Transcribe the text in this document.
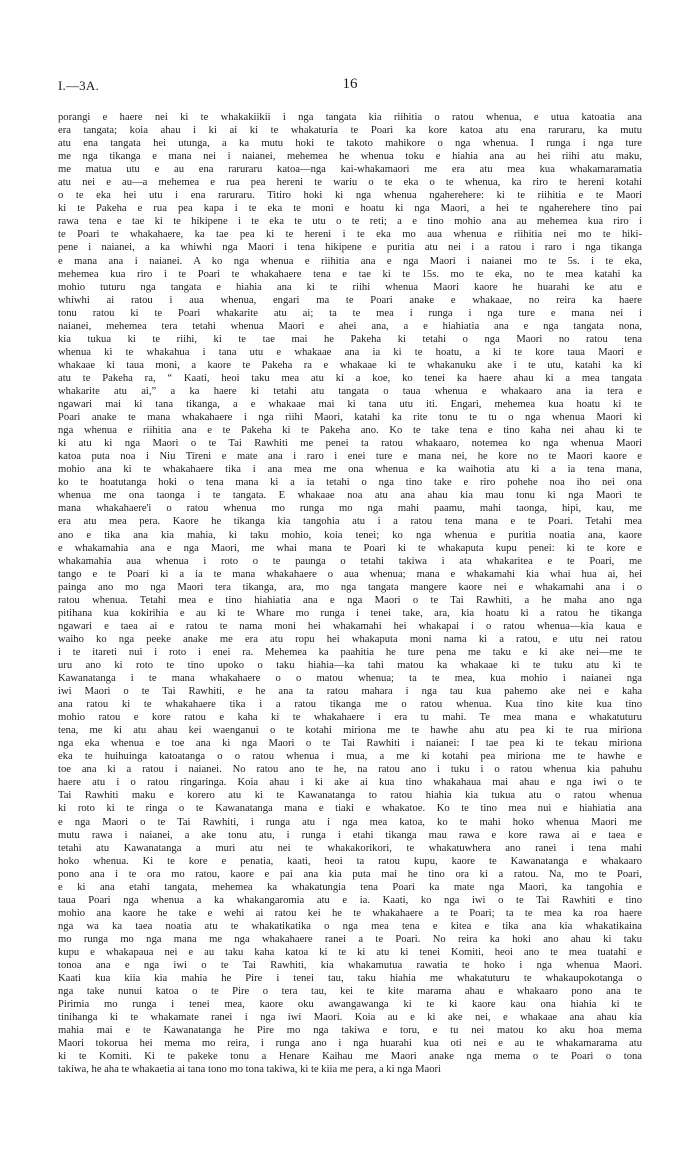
I.—3A.	16
porangi e haere nei ki te whakakiikii i nga tangata kia riihitia o ratou whenua, e utua katoatia ana
era tangata; koia ahau i ki ai ki te whakaturia te Poari ka kore katoa atu ena raruraru, ka mutu
atu ena tangata hei utunga, a ka mutu hoki te takoto mahikore o nga whenua. I runga i nga ture
me nga tikanga e mana nei i naianei, mehemea he whenua toku e hiahia ana au hei riihi atu maku,
me matua utu e au ena raruraru katoa—nga kai-whakamaori me era atu mea kua whakamaramatia
atu nei e au—a mehemea e rua pea hereni te wariu o te eka o te whenua, ka riro te hereni kotahi
o te eka hei utu i ena raruraru. Titiro hoki ki nga whenua ngaherehere: ki te riihitia e te Maori
ki te Pakeha e rua pea kapa i te eka te moni e hoatu ki nga Maori, a hei te ngaherehere tino pai
rawa tena e tae ki te hikipene i te eka te utu o te reti; a e tino mohio ana au mehemea kua riro i
te Poari te whakahaere, ka tae pea ki te hereni i te eka mo aua whenua e riihitia nei mo te hiki-
pene i naianei, a ka whiwhi nga Maori i tena hikipene e puritia atu nei i a ratou i raro i nga tikanga
e mana ana i naianei. A ko nga whenua e riihitia ana e nga Maori i naianei mo te 5s. i te eka,
mehemea kua riro i te Poari te whakahaere tena e tae ki te 15s. mo te eka, no te mea katahi ka
mohio tuturu nga tangata e hiahia ana ki te riihi whenua Maori kaore he huarahi ke atu e
whiwhi ai ratou i aua whenua, engari ma te Poari anake e whakaae, no reira ka haere
tonu ratou ki te Poari whakarite atu ai; ta te mea i runga i nga ture e mana nei i
naianei, mehemea tera tetahi whenua Maori e ahei ana, a e hiahiatia ana e nga tangata nona,
kia tukua ki te riihi, ki te tae mai he Pakeha ki tetahi o nga Maori no ratou tena
whenua ki te whakahua i tana utu e whakaae ana ia ki te hoatu, a ki te kore taua Maori e
whakaae ki taua moni, a kaore te Pakeha ra e whakaae ki te whakanuku ake i te utu, katahi ka ki
atu te Pakeha ra, “ Kaati, heoi taku mea atu ki a koe, ko tenei ka haere ahau ki a mea tangata
whakarite atu ai,” a ka haere ki tetahi atu tangata o taua whenua e whakaaro ana ia tera e
ngawari mai ki tana tikanga, a e whakaae mai ki tana utu iti. Engari, mehemea kua hoatu ki te
Poari anake te mana whakahaere i nga riihi Maori, katahi ka rite tonu te tu o nga whenua Maori ki
nga whenua e riihitia ana e te Pakeha ki te Pakeha ano. Ko te take tena e tino kaha nei ahau ki te
ki atu ki nga Maori o te Tai Rawhiti me penei ta ratou whakaaro, notemea ko nga whenua Maori
katoa puta noa i Niu Tireni e mate ana i raro i enei ture e mana nei, he kore no te Maori kaore e
mohio ana ki te whakahaere tika i ana mea me ona whenua e ka waihotia atu ki a ia tena mana,
ko te hoatutanga hoki o tena mana ki a ia tetahi o nga tino take e riro pohehe noa iho nei ona
whenua me ona taonga i te tangata. E whakaae noa atu ana ahau kia mau tonu ki nga Maori te
mana whakahaere'i o ratou whenua mo runga mo nga mahi paamu, mahi taonga, hipi, kau, me
era atu mea pera. Kaore he tikanga kia tangohia atu i a ratou tena mana e te Poari. Tetahi mea
ano e tika ana kia mahia, ki taku mohio, koia tenei; ko nga whenua e puritia noatia ana, kaore
e whakamahia ana e nga Maori, me whai mana te Poari ki te whakaputa kupu penei: ki te kore e
whakamahia aua whenua i roto o te paunga o tetahi takiwa i ata whakaritea e te Poari, me
tango e te Poari ki a ia te mana whakahaere o aua whenua; mana e whakamahi kia whai hua ai, hei
painga ano mo nga Maori tera tikanga, ara, mo nga tangata mangere kaore nei e whakamahi ana i o
ratou whenua. Tetahi mea e tino hiahiatia ana e nga Maori o te Tai Rawhiti, a he maha ano nga
pitihana kua kokirihia e au ki te Whare mo runga i tenei take, ara, kia hoatu ki a ratou he tikanga
ngawari e taea ai e ratou te nama moni hei whakamahi hei whakapai i o ratou whenua—kia kaua e
waiho ko nga peeke anake me era atu ropu hei whakaputa moni nama ki a ratou, e utu nei ratou
i te itareti nui i roto i enei ra. Mehemea ka paahitia he ture pena me taku e ki ake nei—me te
uru ano ki roto te tino upoko o taku hiahia—ka tahi matou ka whakaae ki te tuku atu ki te
Kawanatanga i te mana whakahaere o o matou whenua; ta te mea, kua mohio i naianei nga
iwi Maori o te Tai Rawhiti, e he ana ta ratou mahara i nga tau kua pahemo ake nei e kaha
ana ratou ki te whakahaere tika i a ratou tikanga me o ratou whenua. Kua tino kite kua tino
mohio ratou e kore ratou e kaha ki te whakahaere i era tu mahi. Te mea mana e whakatuturu
tena, me ki atu ahau kei waenganui o te kotahi miriona me te hawhe ahu atu pea ki te rua miriona
nga eka whenua e toe ana ki nga Maori o te Tai Rawhiti i naianei: I tae pea ki te tekau miriona
eka te huihuinga katoatanga o o ratou whenua i mua, a me ki kotahi pea miriona me te hawhe e
toe ana ki a ratou i naianei. No ratou ano te he, na ratou ano i tuku i o ratou whenua kia pahuhu
haere atu i o ratou ringaringa. Koia ahau i ki ake ai kua tino whakahaua mai ahau e nga iwi o te
Tai Rawhiti maku e korero atu ki te Kawanatanga to ratou hiahia kia tukua atu o ratou whenua
ki roto ki te ringa o te Kawanatanga mana e tiaki e whakatoe. Ko te tino mea nui e hiahiatia ana
e nga Maori o te Tai Rawhiti, i runga atu i nga mea katoa, ko te mahi hoko whenua Maori me
mutu rawa i naianei, a ake tonu atu, i runga i etahi tikanga mau rawa e kore rawa ai e taea e
tetahi atu Kawanatanga a muri atu nei te whakakorikori, te whakatuwhera ano ranei i tena mahi
hoko whenua. Ki te kore e penatia, kaati, heoi ta ratou kupu, kaore te Kawanatanga e whakaaro
pono ana i te ora mo ratou, kaore e pai ana kia puta mai he tino ora ki a ratou. Na, mo te Poari,
e ki ana etahi tangata, mehemea ka whakatungia tena Poari ka mate nga Maori, ka tangohia e
taua Poari nga whenua a ka whakangaromia atu e ia. Kaati, ko nga iwi o te Tai Rawhiti e tino
mohio ana kaore he take e wehi ai ratou kei he te whakahaere a te Poari; ta te mea ka roa haere
nga wa ka taea noatia atu te whakatikatika o nga mea tena e kitea e tika ana kia whakatikaina
mo runga mo nga mana me nga whakahaere ranei a te Poari. No reira ka hoki ano ahau ki taku
kupu e whakapaua nei e au taku kaha katoa ki te ki atu ki tenei Komiti, heoi ano te mea tuatahi e
tonoa ana e nga iwi o te Tai Rawhiti, kia whakamutua rawatia te hoko i nga whenua Maori.
Kaati kua kiia kia mahia he Pire i tenei tau, taku hiahia me whakatuturu te whakaupokotanga o
nga take nunui katoa o te Pire o tera tau, kei te kite marama ahau e whakaaro pono ana te
Pirimia mo runga i tenei mea, kaore oku awangawanga ki te ki kaore kau ona hiahia ki te
tinihanga ki te whakamate ranei i nga iwi Maori. Koia au e ki ake nei, e whakaae ana ahau kia
mahia mai e te Kawanatanga he Pire mo nga takiwa e toru, e tu nei matou ko aku hoa mema
Maori tokorua hei mema mo reira, i runga ano i nga huarahi kua oti nei e au te whakamarama atu
ki te Komiti. Ki te pakeke tonu a Henare Kaihau me Maori anake nga mema o te Poari o tona
takiwa, he aha te whakaetia ai tana tono mo tona takiwa, ki te kiia me pera, a ki nga Maori
